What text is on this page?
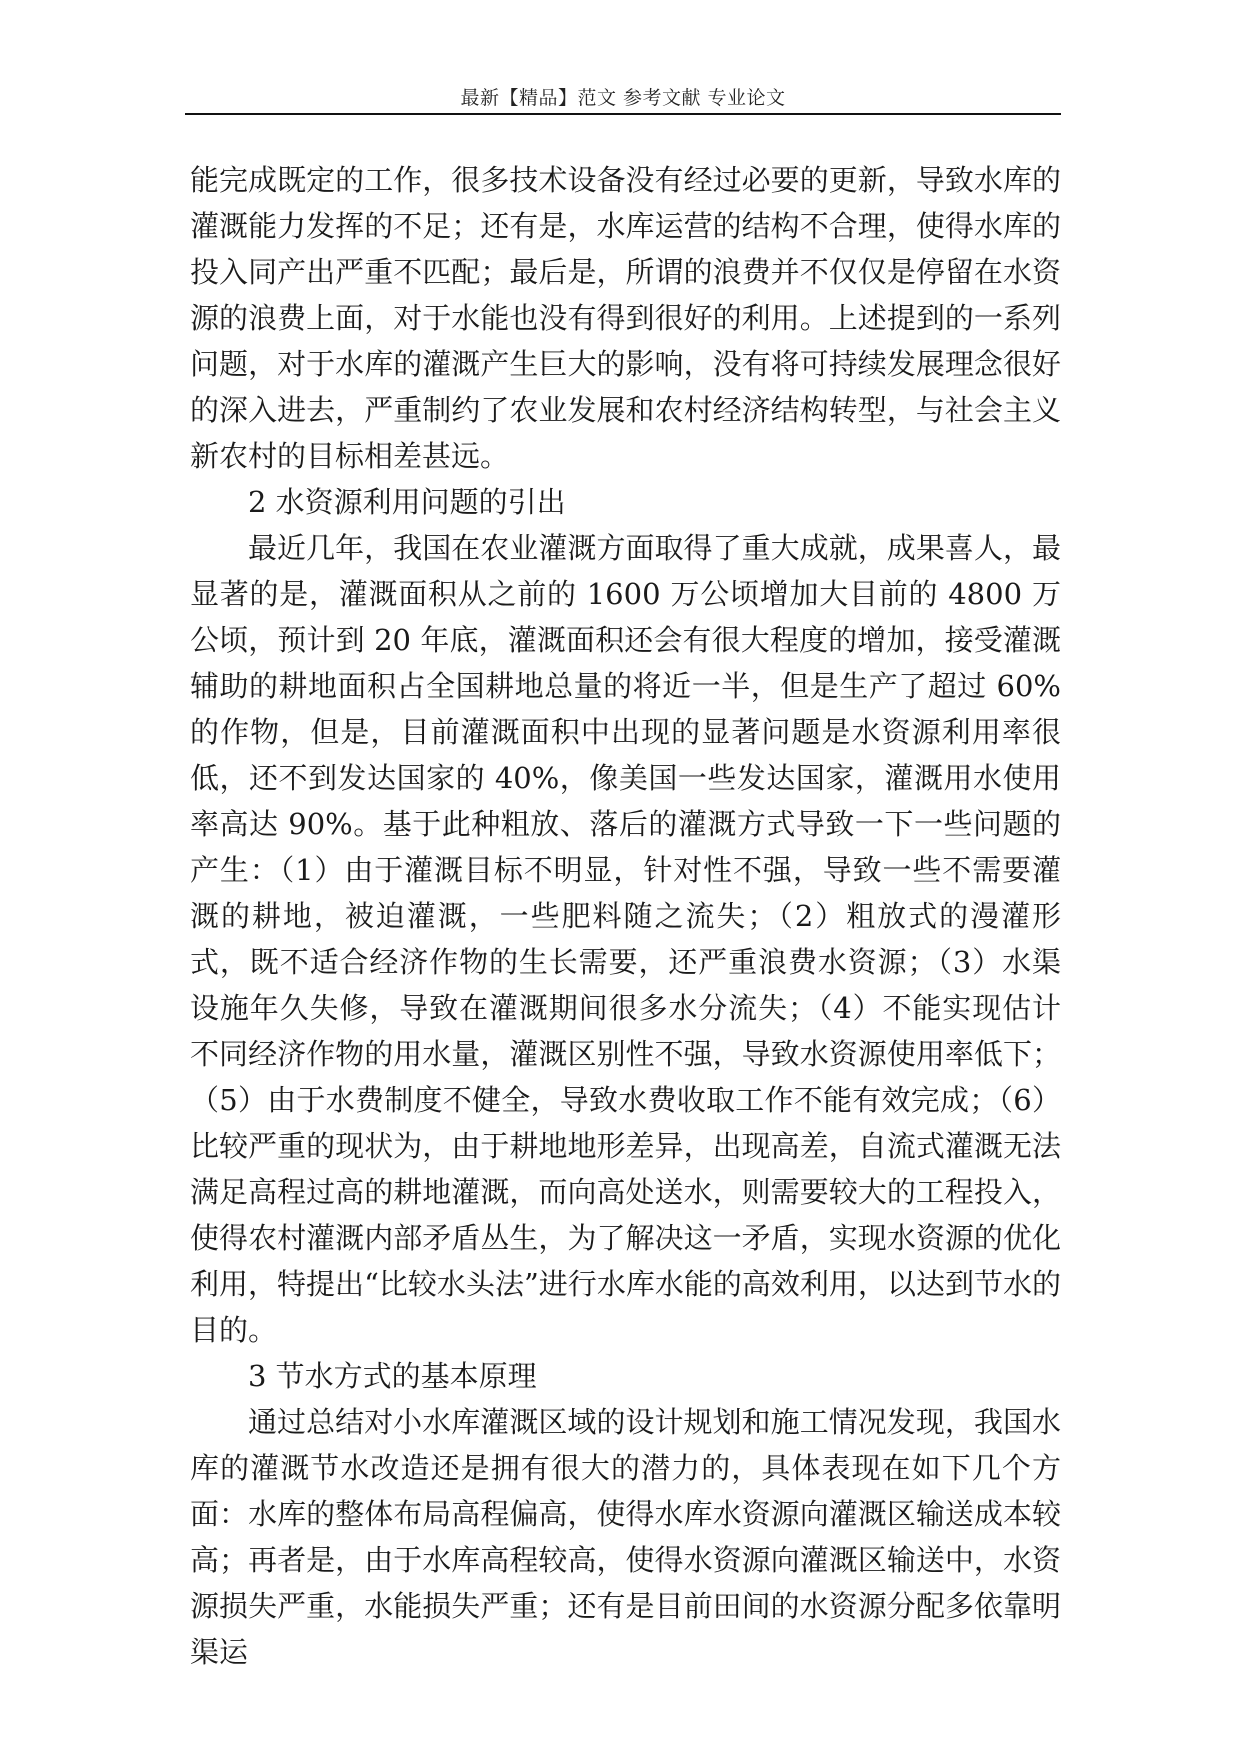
最新【精品】范文 参考文献 专业论文

能完成既定的工作，很多技术设备没有经过必要的更新，导致水库的灌溉能力发挥的不足；还有是，水库运营的结构不合理，使得水库的投入同产出严重不匹配；最后是，所谓的浪费并不仅仅是停留在水资源的浪费上面，对于水能也没有得到很好的利用。上述提到的一系列问题，对于水库的灌溉产生巨大的影响，没有将可持续发展理念很好的深入进去，严重制约了农业发展和农村经济结构转型，与社会主义新农村的目标相差甚远。

2 水资源利用问题的引出

最近几年，我国在农业灌溉方面取得了重大成就，成果喜人，最显著的是，灌溉面积从之前的 1600 万公顷增加大目前的 4800 万公顷，预计到 20 年底，灌溉面积还会有很大程度的增加，接受灌溉辅助的耕地面积占全国耕地总量的将近一半，但是生产了超过 60%的作物，但是，目前灌溉面积中出现的显著问题是水资源利用率很低，还不到发达国家的 40%，像美国一些发达国家，灌溉用水使用率高达 90%。基于此种粗放、落后的灌溉方式导致一下一些问题的产生：（1）由于灌溉目标不明显，针对性不强，导致一些不需要灌溉的耕地，被迫灌溉，一些肥料随之流失；（2）粗放式的漫灌形式，既不适合经济作物的生长需要，还严重浪费水资源；（3）水渠设施年久失修，导致在灌溉期间很多水分流失；（4）不能实现估计不同经济作物的用水量，灌溉区别性不强，导致水资源使用率低下；（5）由于水费制度不健全，导致水费收取工作不能有效完成；（6）比较严重的现状为，由于耕地地形差异，出现高差，自流式灌溉无法满足高程过高的耕地灌溉，而向高处送水，则需要较大的工程投入，使得农村灌溉内部矛盾丛生，为了解决这一矛盾，实现水资源的优化利用，特提出“比较水头法”进行水库水能的高效利用，以达到节水的目的。

3 节水方式的基本原理

通过总结对小水库灌溉区域的设计规划和施工情况发现，我国水库的灌溉节水改造还是拥有很大的潜力的，具体表现在如下几个方面：水库的整体布局高程偏高，使得水库水资源向灌溉区输送成本较高；再者是，由于水库高程较高，使得水资源向灌溉区输送中，水资源损失严重，水能损失严重；还有是目前田间的水资源分配多依靠明渠运
